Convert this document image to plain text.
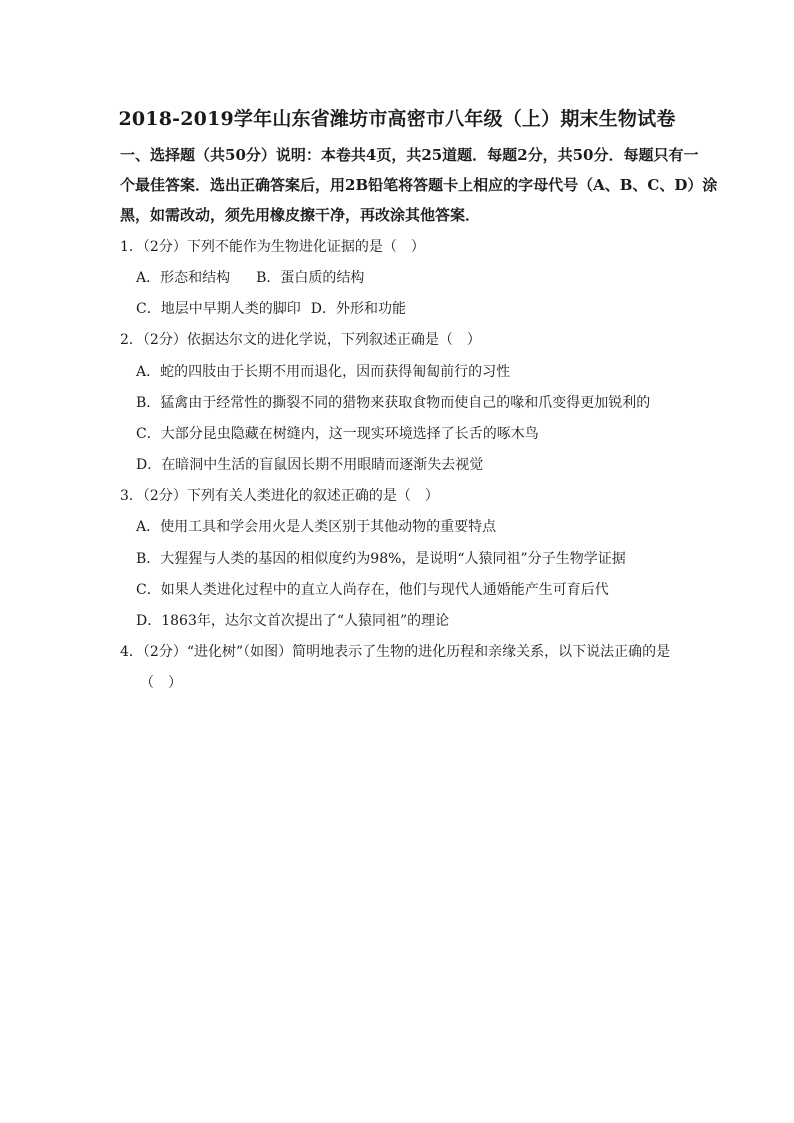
2018-2019学年山东省潍坊市高密市八年级（上）期末生物试卷
一、选择题（共50分）说明：本卷共4页，共25道题．每题2分，共50分．每题只有一
个最佳答案．选出正确答案后，用2B铅笔将答题卡上相应的字母代号（A、B、C、D）涂
黑，如需改动，须先用橡皮擦干净，再改涂其他答案．
1．（2分）下列不能作为生物进化证据的是（　）
A．形态和结构 B．蛋白质的结构
C．地层中早期人类的脚印 D．外形和功能
2．（2分）依据达尔文的进化学说，下列叙述正确是（　）
A．蛇的四肢由于长期不用而退化，因而获得匍匐前行的习性
B．猛禽由于经常性的撕裂不同的猎物来获取食物而使自己的喙和爪变得更加锐利的
C．大部分昆虫隐藏在树缝内，这一现实环境选择了长舌的啄木鸟
D．在暗洞中生活的盲鼠因长期不用眼睛而逐渐失去视觉
3．（2分）下列有关人类进化的叙述正确的是（　）
A．使用工具和学会用火是人类区别于其他动物的重要特点
B．大猩猩与人类的基因的相似度约为98%，是说明“人猿同祖”分子生物学证据
C．如果人类进化过程中的直立人尚存在，他们与现代人通婚能产生可育后代
D．1863年，达尔文首次提出了“人猿同祖”的理论
4．（2分）“进化树”（如图）简明地表示了生物的进化历程和亲缘关系，以下说法正确的是
（　）
